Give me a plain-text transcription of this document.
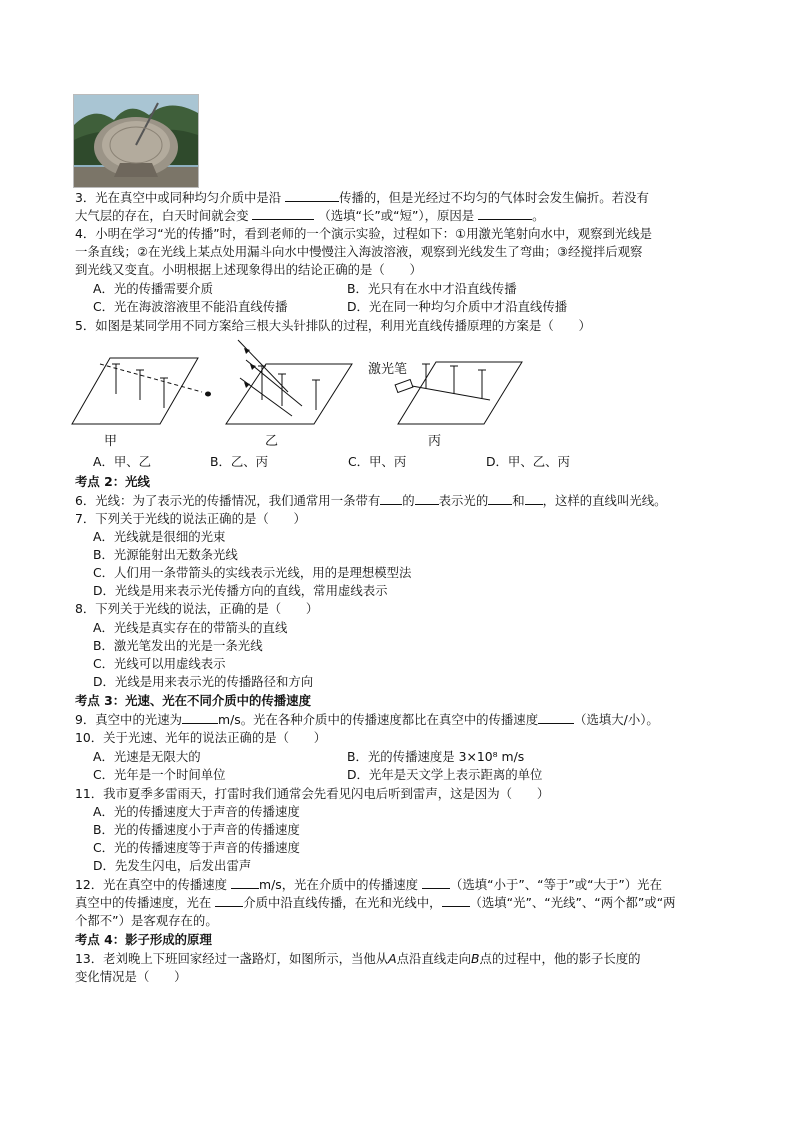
3．光在真空中或同种均匀介质中是沿	传播的，但是光经过不均匀的气体时会发生偏折。若没有
大气层的存在，白天时间就会变	（选填“长”或“短”），原因是	。
4．小明在学习“光的传播”时，看到老师的一个演示实验，过程如下：①用激光笔射向水中，观察到光线是
一条直线；②在光线上某点处用漏斗向水中慢慢注入海波溶液，观察到光线发生了弯曲；③经搅拌后观察
到光线又变直。小明根据上述现象得出的结论正确的是（　　）
A．光的传播需要介质	B．光只有在水中才沿直线传播
C．光在海波溶液里不能沿直线传播	D．光在同一种均匀介质中才沿直线传播
5．如图是某同学用不同方案给三根大头针排队的过程，利用光直线传播原理的方案是（　　）
激光笔
甲	乙	丙
A．甲、乙	B．乙、丙	C．甲、丙	D．甲、乙、丙
考点 2：光线
6．光线：为了表示光的传播情况，我们通常用一条带有 的 表示光的 和 ，这样的直线叫光线。
7．下列关于光线的说法正确的是（　　）
A．光线就是很细的光束
B．光源能射出无数条光线
C．人们用一条带箭头的实线表示光线，用的是理想模型法
D．光线是用来表示光传播方向的直线，常用虚线表示
8．下列关于光线的说法，正确的是（　　）
A．光线是真实存在的带箭头的直线
B．激光笔发出的光是一条光线
C．光线可以用虚线表示
D．光线是用来表示光的传播路径和方向
考点 3：光速、光在不同介质中的传播速度
9．真空中的光速为	m/s。光在各种介质中的传播速度都比在真空中的传播速度	（选填大/小）。
10．关于光速、光年的说法正确的是（　　）
A．光速是无限大的	B．光的传播速度是 3×10⁸ m/s
C．光年是一个时间单位	D．光年是天文学上表示距离的单位
11．我市夏季多雷雨天，打雷时我们通常会先看见闪电后听到雷声，这是因为（　　）
A．光的传播速度大于声音的传播速度
B．光的传播速度小于声音的传播速度
C．光的传播速度等于声音的传播速度
D．先发生闪电，后发出雷声
12．光在真空中的传播速度	m/s，光在介质中的传播速度	（选填“小于”、“等于”或“大于”）光在
真空中的传播速度，光在	介质中沿直线传播，在光和光线中， （选填“光”、“光线”、“两个都”或“两
个都不”）是客观存在的。
考点 4：影子形成的原理
13．老刘晚上下班回家经过一盏路灯，如图所示，当他从A点沿直线走向B点的过程中，他的影子长度的
变化情况是（　　）
